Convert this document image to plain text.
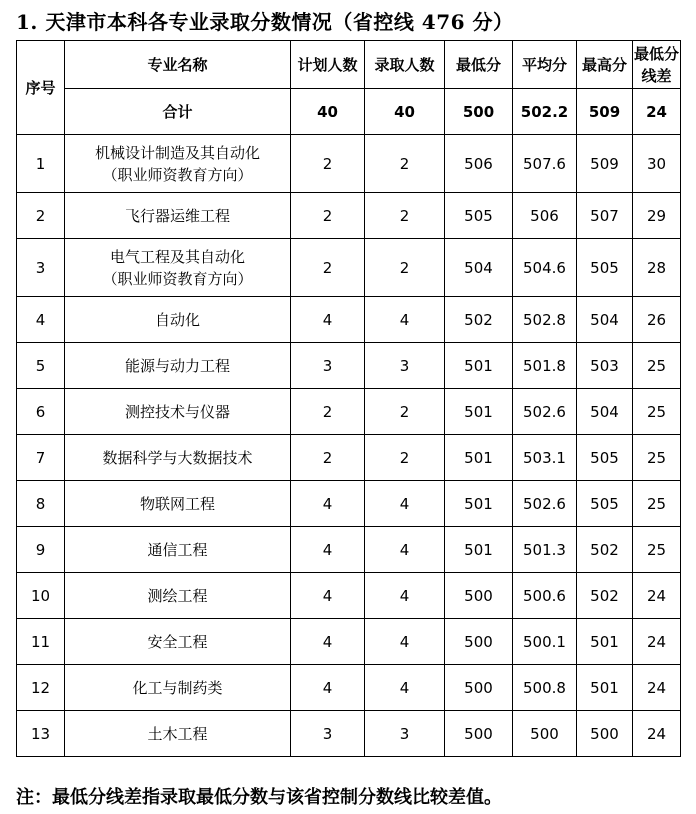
1. 天津市本科各专业录取分数情况（省控线 476 分）
序号	专业名称	计划人数	录取人数	最低分	平均分	最高分	最低分
线差

	合计	40	40	500	502.2	509	24
1	机械设计制造及其自动化
（职业师资教育方向）	2	2	506	507.6	509	30
2	飞行器运维工程	2	2	505	506	507	29
3	电气工程及其自动化
（职业师资教育方向）	2	2	504	504.6	505	28
4	自动化	4	4	502	502.8	504	26
5	能源与动力工程	3	3	501	501.8	503	25
6	测控技术与仪器	2	2	501	502.6	504	25
7	数据科学与大数据技术	2	2	501	503.1	505	25
8	物联网工程	4	4	501	502.6	505	25
9	通信工程	4	4	501	501.3	502	25
10	测绘工程	4	4	500	500.6	502	24
11	安全工程	4	4	500	500.1	501	24
12	化工与制药类	4	4	500	500.8	501	24
13	土木工程	3	3	500	500	500	24
注：最低分线差指录取最低分数与该省控制分数线比较差值。
